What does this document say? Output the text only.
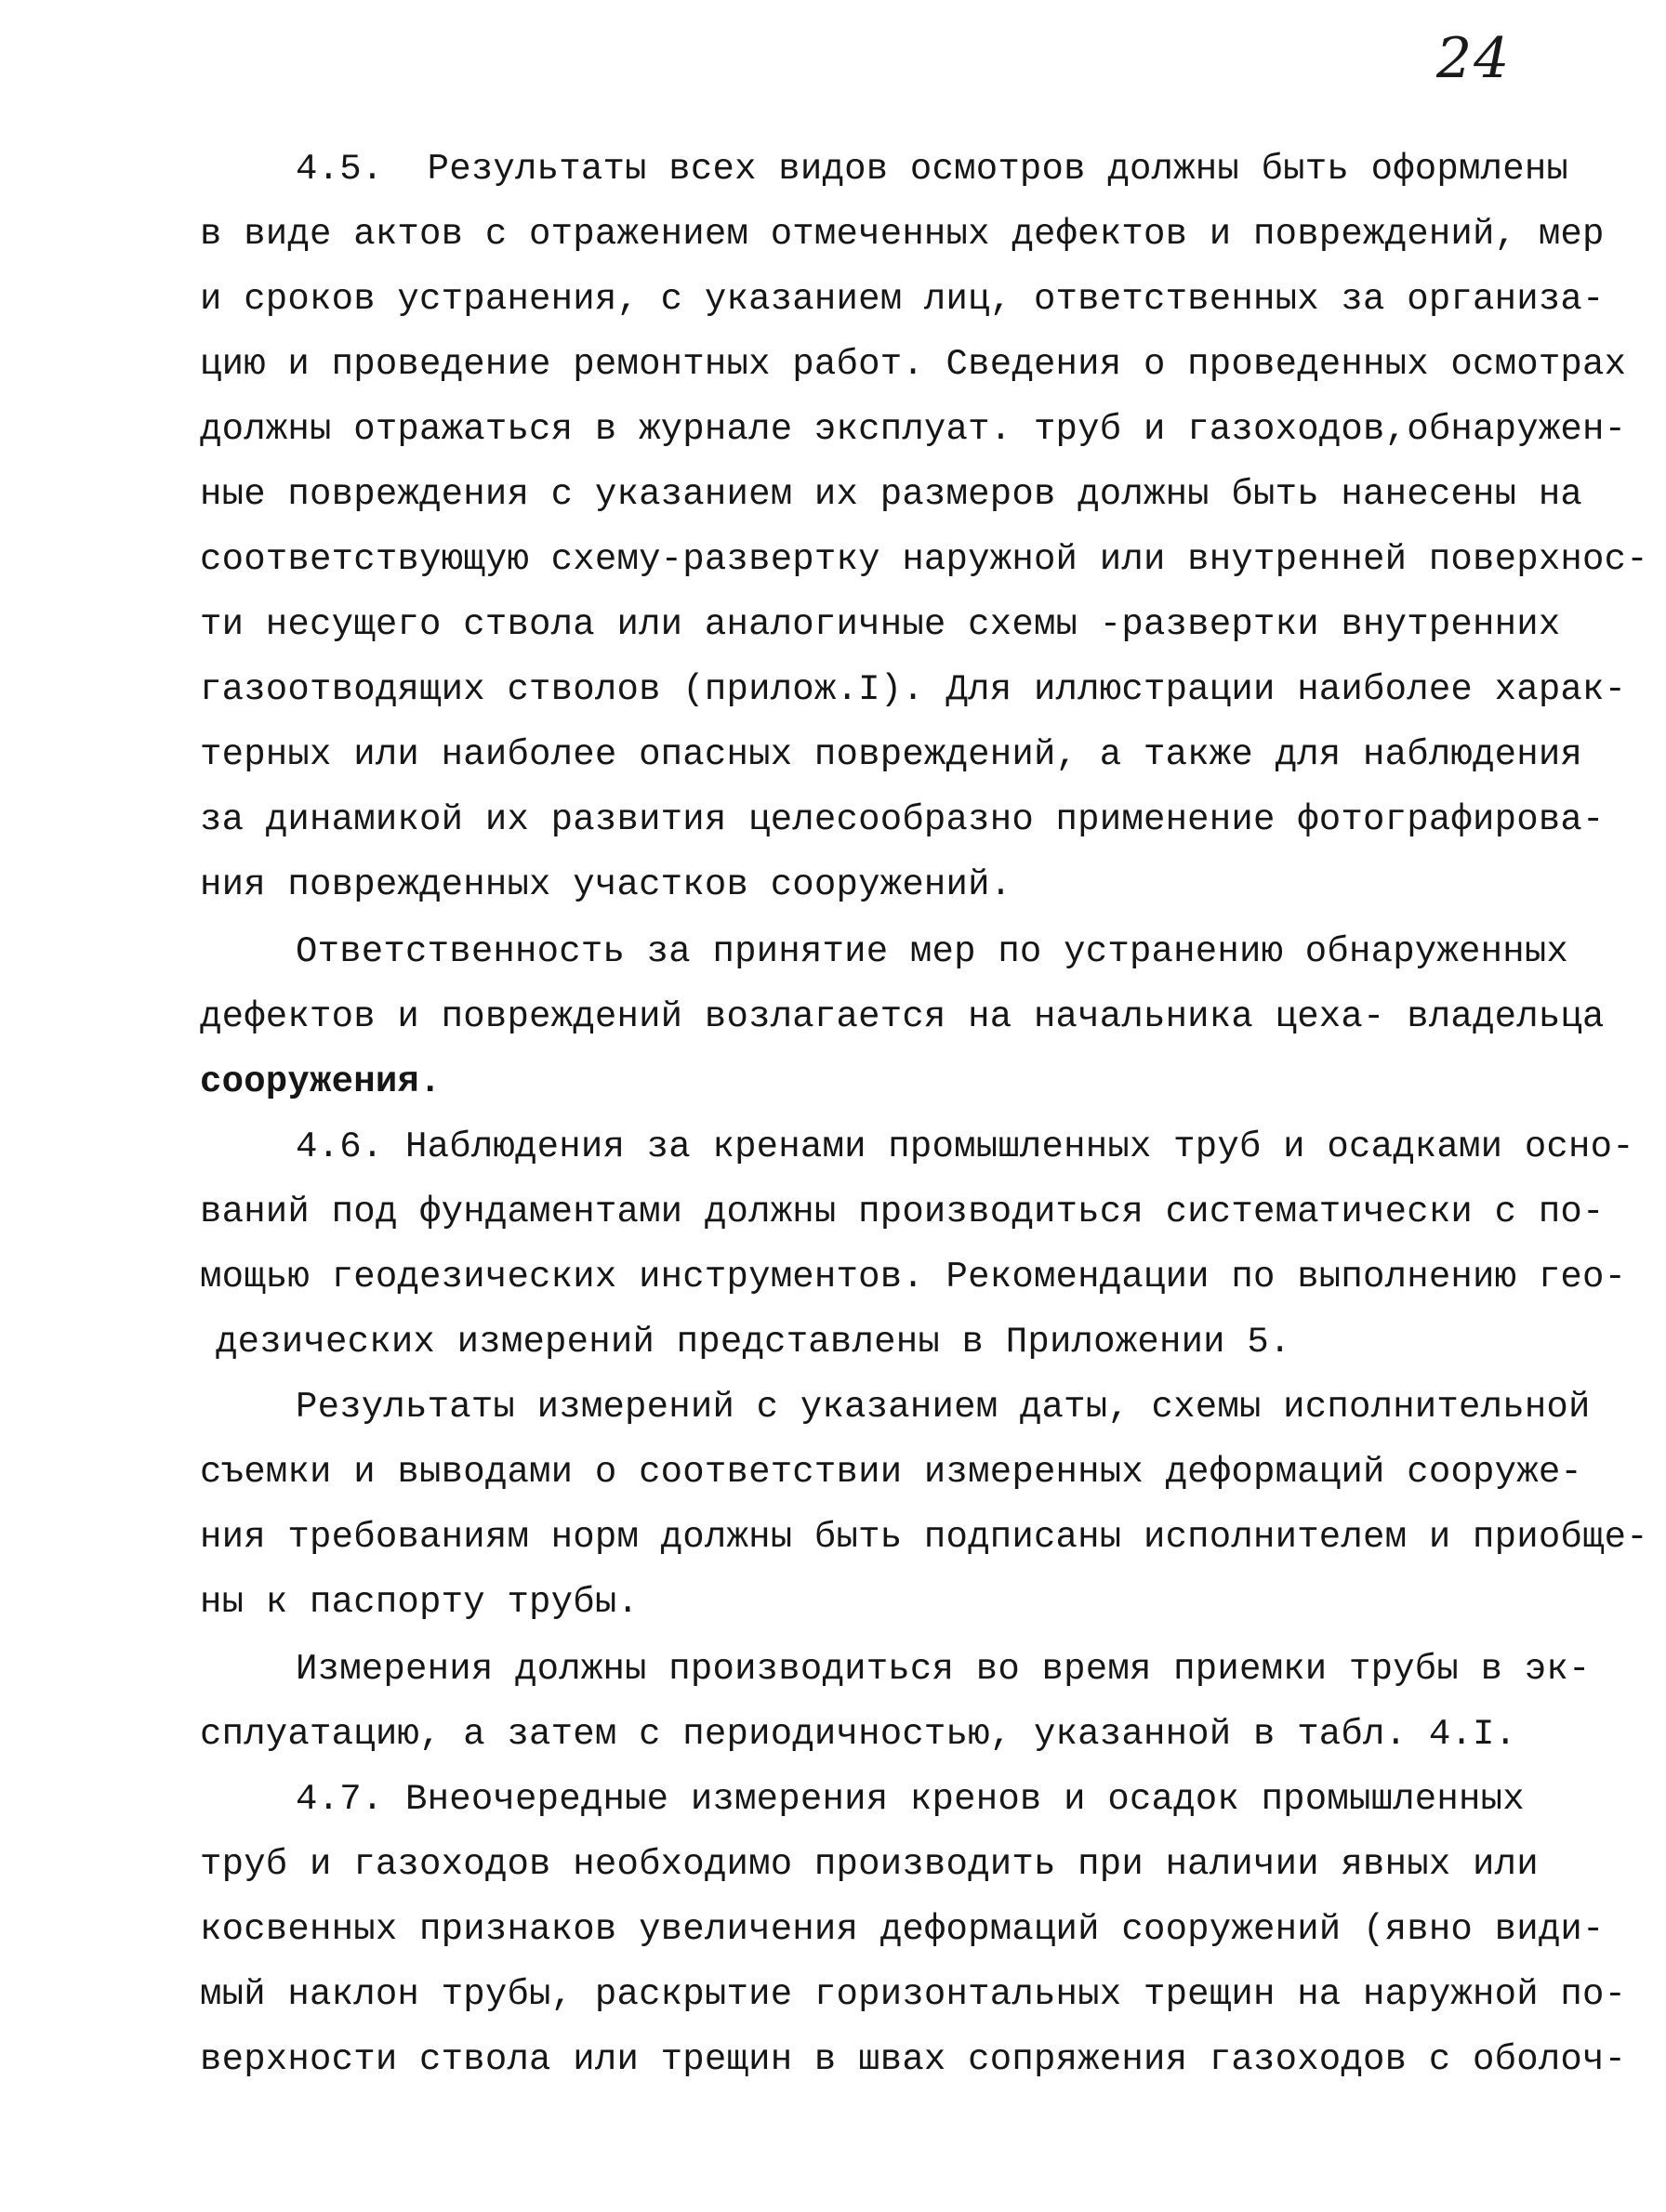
24
4.5.  Результаты всех видов осмотров должны быть оформлены
в виде актов с отражением отмеченных дефектов и повреждений, мер
и сроков устранения, с указанием лиц, ответственных за организа-
цию и проведение ремонтных работ. Сведения о проведенных осмотрах
должны отражаться в журнале эксплуат. труб и газоходов,обнаружен-
ные повреждения с указанием их размеров должны быть нанесены на
соответствующую схему-развертку наружной или внутренней поверхнос-
ти несущего ствола или аналогичные схемы -развертки внутренних
газоотводящих стволов (прилож.I). Для иллюстрации наиболее харак-
терных или наиболее опасных повреждений, а также для наблюдения
за динамикой их развития целесообразно применение фотографирова-
ния поврежденных участков сооружений.
Ответственность за принятие мер по устранению обнаруженных
дефектов и повреждений возлагается на начальника цеха- владельца
сооружения.
4.6. Наблюдения за кренами промышленных труб и осадками осно-
ваний под фундаментами должны производиться систематически с по-
мощью геодезических инструментов. Рекомендации по выполнению гео-
дезических измерений представлены в Приложении 5.
Результаты измерений с указанием даты, схемы исполнительной
съемки и выводами о соответствии измеренных деформаций сооруже-
ния требованиям норм должны быть подписаны исполнителем и приобще-
ны к паспорту трубы.
Измерения должны производиться во время приемки трубы в эк-
сплуатацию, а затем с периодичностью, указанной в табл. 4.I.
4.7. Внеочередные измерения кренов и осадок промышленных
труб и газоходов необходимо производить при наличии явных или
косвенных признаков увеличения деформаций сооружений (явно види-
мый наклон трубы, раскрытие горизонтальных трещин на наружной по-
верхности ствола или трещин в швах сопряжения газоходов с оболоч-
